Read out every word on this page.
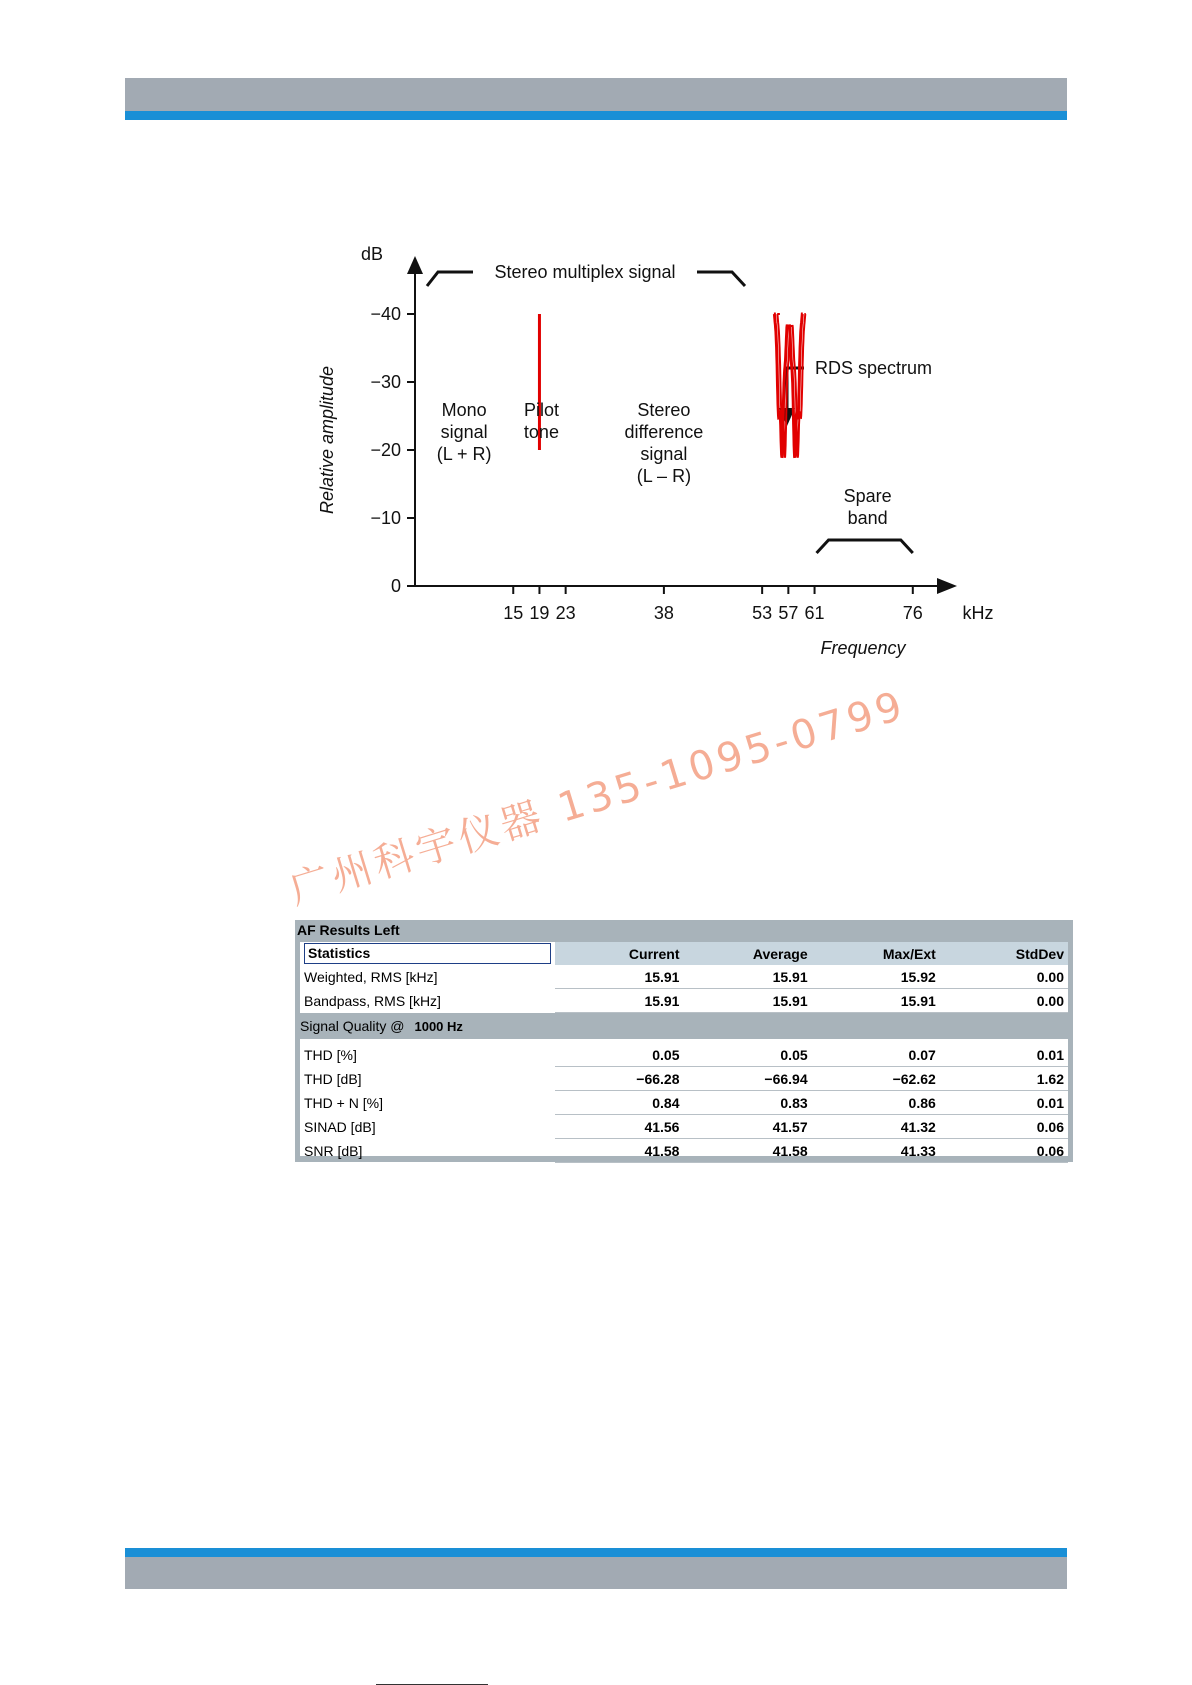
0
−10
−20
−30
−40
dB
Relative amplitude
15 19 23	38	53 57 61	76 kHz
Frequency
Stereo multiplex signal
Mono
signal
(L + R)
Stereo
difference
signal
(L – R)
Pilot
tone
RDS spectrum
Spare
band
AF Results Left
Statistics	Current	Average	Max/Ext	StdDev
Weighted, RMS [kHz]	15.91	15.91	15.92	0.00
Bandpass, RMS [kHz]	15.91	15.91	15.91	0.00
Signal Quality @ 1000 Hz				

THD [%]	0.05	0.05	0.07	0.01
THD [dB]	−66.28	−66.94	−62.62	1.62
THD + N [%]	0.84	0.83	0.86	0.01
SINAD [dB]	41.56	41.57	41.32	0.06
SNR [dB]	41.58	41.58	41.33	0.06
广州科宇仪器 135-1095-0799
